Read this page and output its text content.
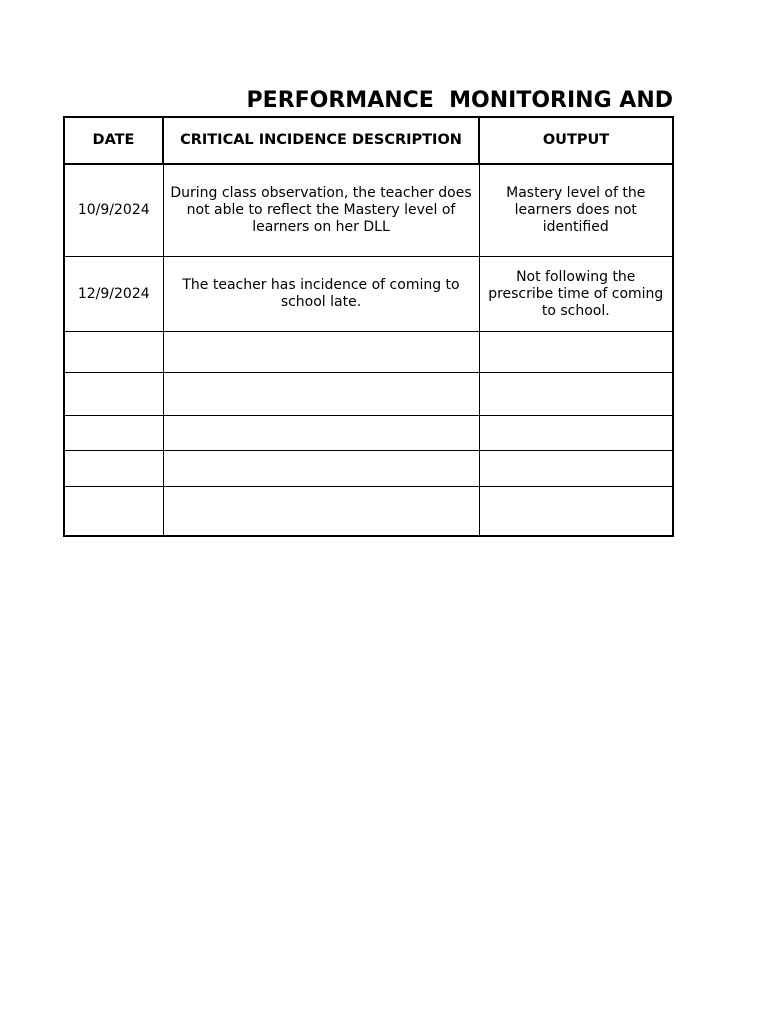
PERFORMANCE  MONITORING AND
DATE	CRITICAL INCIDENCE DESCRIPTION	OUTPUT
10/9/2024	During class observation, the teacher does not able to reflect the Mastery level of learners on her DLL	Mastery level of the learners does not identified
12/9/2024	The teacher has incidence of coming to school late.	Not following the prescribe time of coming to school.
